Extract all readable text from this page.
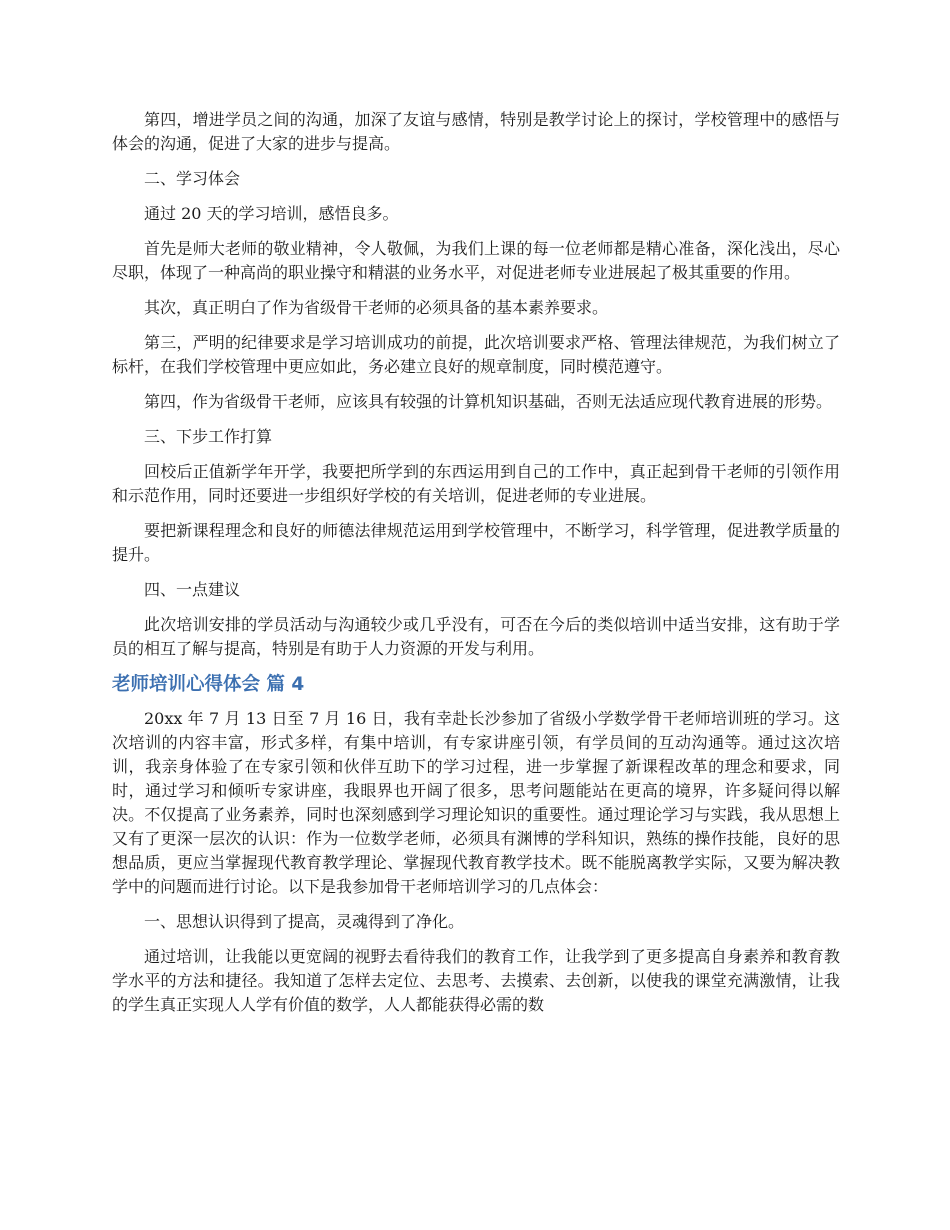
第四，增进学员之间的沟通，加深了友谊与感情，特别是教学讨论上的探讨，学校管理中的感悟与体会的沟通，促进了大家的进步与提高。

二、学习体会

通过 20 天的学习培训，感悟良多。

首先是师大老师的敬业精神，令人敬佩，为我们上课的每一位老师都是精心准备，深化浅出，尽心尽职，体现了一种高尚的职业操守和精湛的业务水平，对促进老师专业进展起了极其重要的作用。

其次，真正明白了作为省级骨干老师的必须具备的基本素养要求。

第三，严明的纪律要求是学习培训成功的前提，此次培训要求严格、管理法律规范，为我们树立了标杆，在我们学校管理中更应如此，务必建立良好的规章制度，同时模范遵守。

第四，作为省级骨干老师，应该具有较强的计算机知识基础，否则无法适应现代教育进展的形势。

三、下步工作打算

回校后正值新学年开学，我要把所学到的东西运用到自己的工作中，真正起到骨干老师的引领作用和示范作用，同时还要进一步组织好学校的有关培训，促进老师的专业进展。

要把新课程理念和良好的师德法律规范运用到学校管理中，不断学习，科学管理，促进教学质量的提升。

四、一点建议

此次培训安排的学员活动与沟通较少或几乎没有，可否在今后的类似培训中适当安排，这有助于学员的相互了解与提高，特别是有助于人力资源的开发与利用。

老师培训心得体会 篇 4

20xx 年 7 月 13 日至 7 月 16 日，我有幸赴长沙参加了省级小学数学骨干老师培训班的学习。这次培训的内容丰富，形式多样，有集中培训，有专家讲座引领，有学员间的互动沟通等。通过这次培训，我亲身体验了在专家引领和伙伴互助下的学习过程，进一步掌握了新课程改革的理念和要求，同时，通过学习和倾听专家讲座，我眼界也开阔了很多，思考问题能站在更高的境界，许多疑问得以解决。不仅提高了业务素养，同时也深刻感到学习理论知识的重要性。通过理论学习与实践，我从思想上又有了更深一层次的认识：作为一位数学老师，必须具有渊博的学科知识，熟练的操作技能，良好的思想品质，更应当掌握现代教育教学理论、掌握现代教育教学技术。既不能脱离教学实际，又要为解决教学中的问题而进行讨论。以下是我参加骨干老师培训学习的几点体会：

一、思想认识得到了提高，灵魂得到了净化。

通过培训，让我能以更宽阔的视野去看待我们的教育工作，让我学到了更多提高自身素养和教育教学水平的方法和捷径。我知道了怎样去定位、去思考、去摸索、去创新，以使我的课堂充满激情，让我的学生真正实现人人学有价值的数学，人人都能获得必需的数
